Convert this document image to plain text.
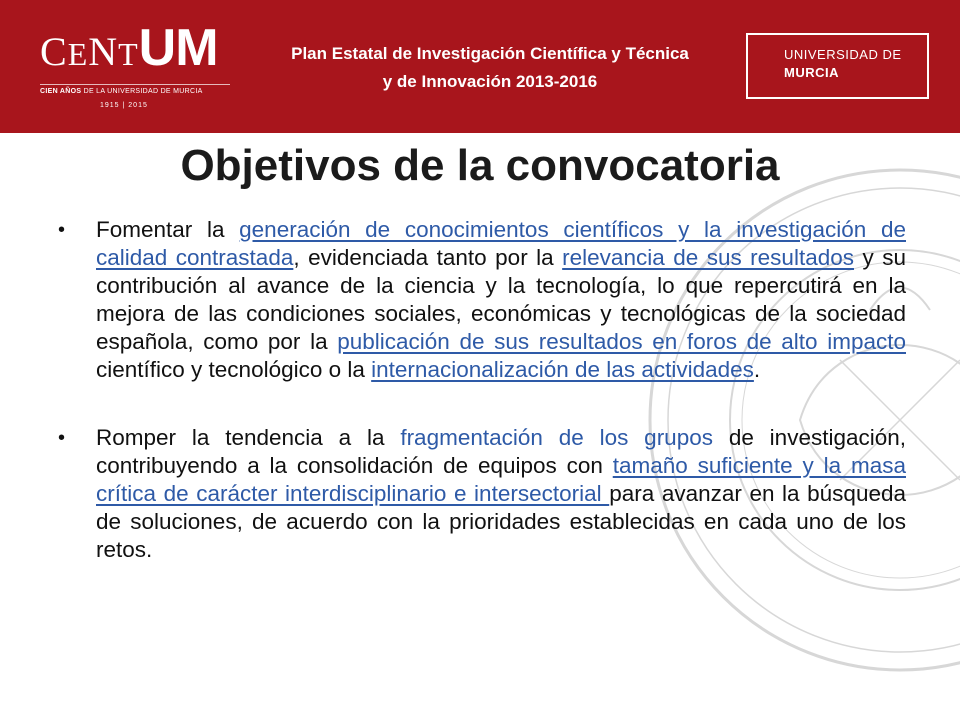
CENTUM
CIEN AÑOS DE LA UNIVERSIDAD DE MURCIA
1915 | 2015
Plan Estatal de Investigación Científica y Técnica
y de Innovación 2013-2016
UNIVERSIDAD DE
MURCIA
Objetivos de la convocatoria
• Fomentar la generación de conocimientos científicos y la investigación de calidad contrastada, evidenciada tanto por la relevancia de sus resultados y su contribución al avance de la ciencia y la tecnología, lo que repercutirá en la mejora de las condiciones sociales, económicas y tecnológicas de la sociedad española, como por la publicación de sus resultados en foros de alto impacto científico y tecnológico o la internacionalización de las actividades.
• Romper la tendencia a la fragmentación de los grupos de investigación, contribuyendo a la consolidación de equipos con tamaño suficiente y la masa crítica de carácter interdisciplinario e intersectorial para avanzar en la búsqueda de soluciones, de acuerdo con la prioridades establecidas en cada uno de los retos.
